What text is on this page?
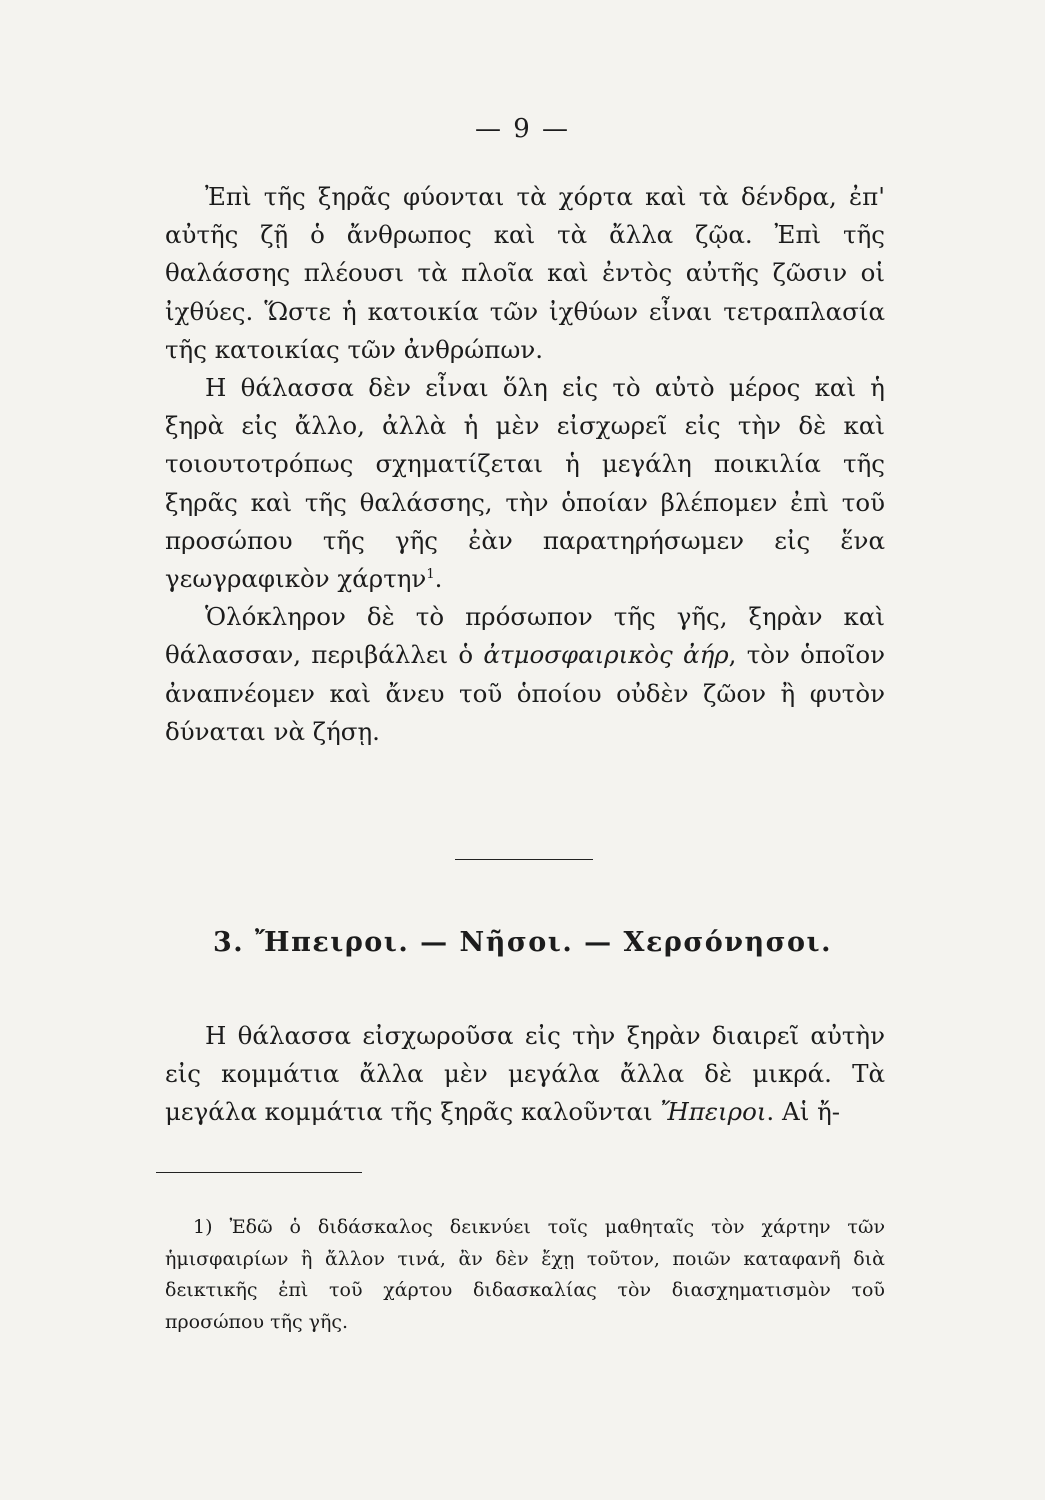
— 9 —

Ἐπὶ τῆς ξηρᾶς φύονται τὰ χόρτα καὶ τὰ δένδρα, ἐπ' αὐτῆς ζῇ ὁ ἄνθρωπος καὶ τὰ ἄλλα ζῷα. Ἐπὶ τῆς θαλάσσης πλέουσι τὰ πλοῖα καὶ ἐντὸς αὐτῆς ζῶσιν οἱ ἰχθύες. Ὥστε ἡ κατοικία τῶν ἰχθύων εἶναι τετραπλασία τῆς κατοικίας τῶν ἀνθρώπων.

Η θάλασσα δὲν εἶναι ὅλη εἰς τὸ αὐτὸ μέρος καὶ ἡ ξηρὰ εἰς ἄλλο, ἀλλὰ ἡ μὲν εἰσχωρεῖ εἰς τὴν δὲ καὶ τοιουτοτρόπως σχηματίζεται ἡ μεγάλη ποικιλία τῆς ξηρᾶς καὶ τῆς θαλάσσης, τὴν ὁποίαν βλέπομεν ἐπὶ τοῦ προσώπου τῆς γῆς ἐὰν παρατηρήσωμεν εἰς ἕνα γεωγραφικὸν χάρτην$^1$.

Ὁλόκληρον δὲ τὸ πρόσωπον τῆς γῆς, ξηρὰν καὶ θάλασσαν, περιβάλλει ὁ ἀτμοσφαιρικὸς ἀήρ, τὸν ὁποῖον ἀναπνέομεν καὶ ἄνευ τοῦ ὁποίου οὐδὲν ζῶον ἢ φυτὸν δύναται νὰ ζήσῃ.

3. Ἤπειροι. — Νῆσοι. — Χερσόνησοι.

Η θάλασσα εἰσχωροῦσα εἰς τὴν ξηρὰν διαιρεῖ αὐτὴν εἰς κομμάτια ἄλλα μὲν μεγάλα ἄλλα δὲ μικρά. Τὰ μεγάλα κομμάτια τῆς ξηρᾶς καλοῦνται Ἤπειροι. Αἱ ἤ-

1) Ἐδῶ ὁ διδάσκαλος δεικνύει τοῖς μαθηταῖς τὸν χάρτην τῶν ἡμισφαιρίων ἢ ἄλλον τινά, ἂν δὲν ἔχῃ τοῦτον, ποιῶν καταφανῆ διὰ δεικτικῆς ἐπὶ τοῦ χάρτου διδασκαλίας τὸν διασχηματισμὸν τοῦ προσώπου τῆς γῆς.
